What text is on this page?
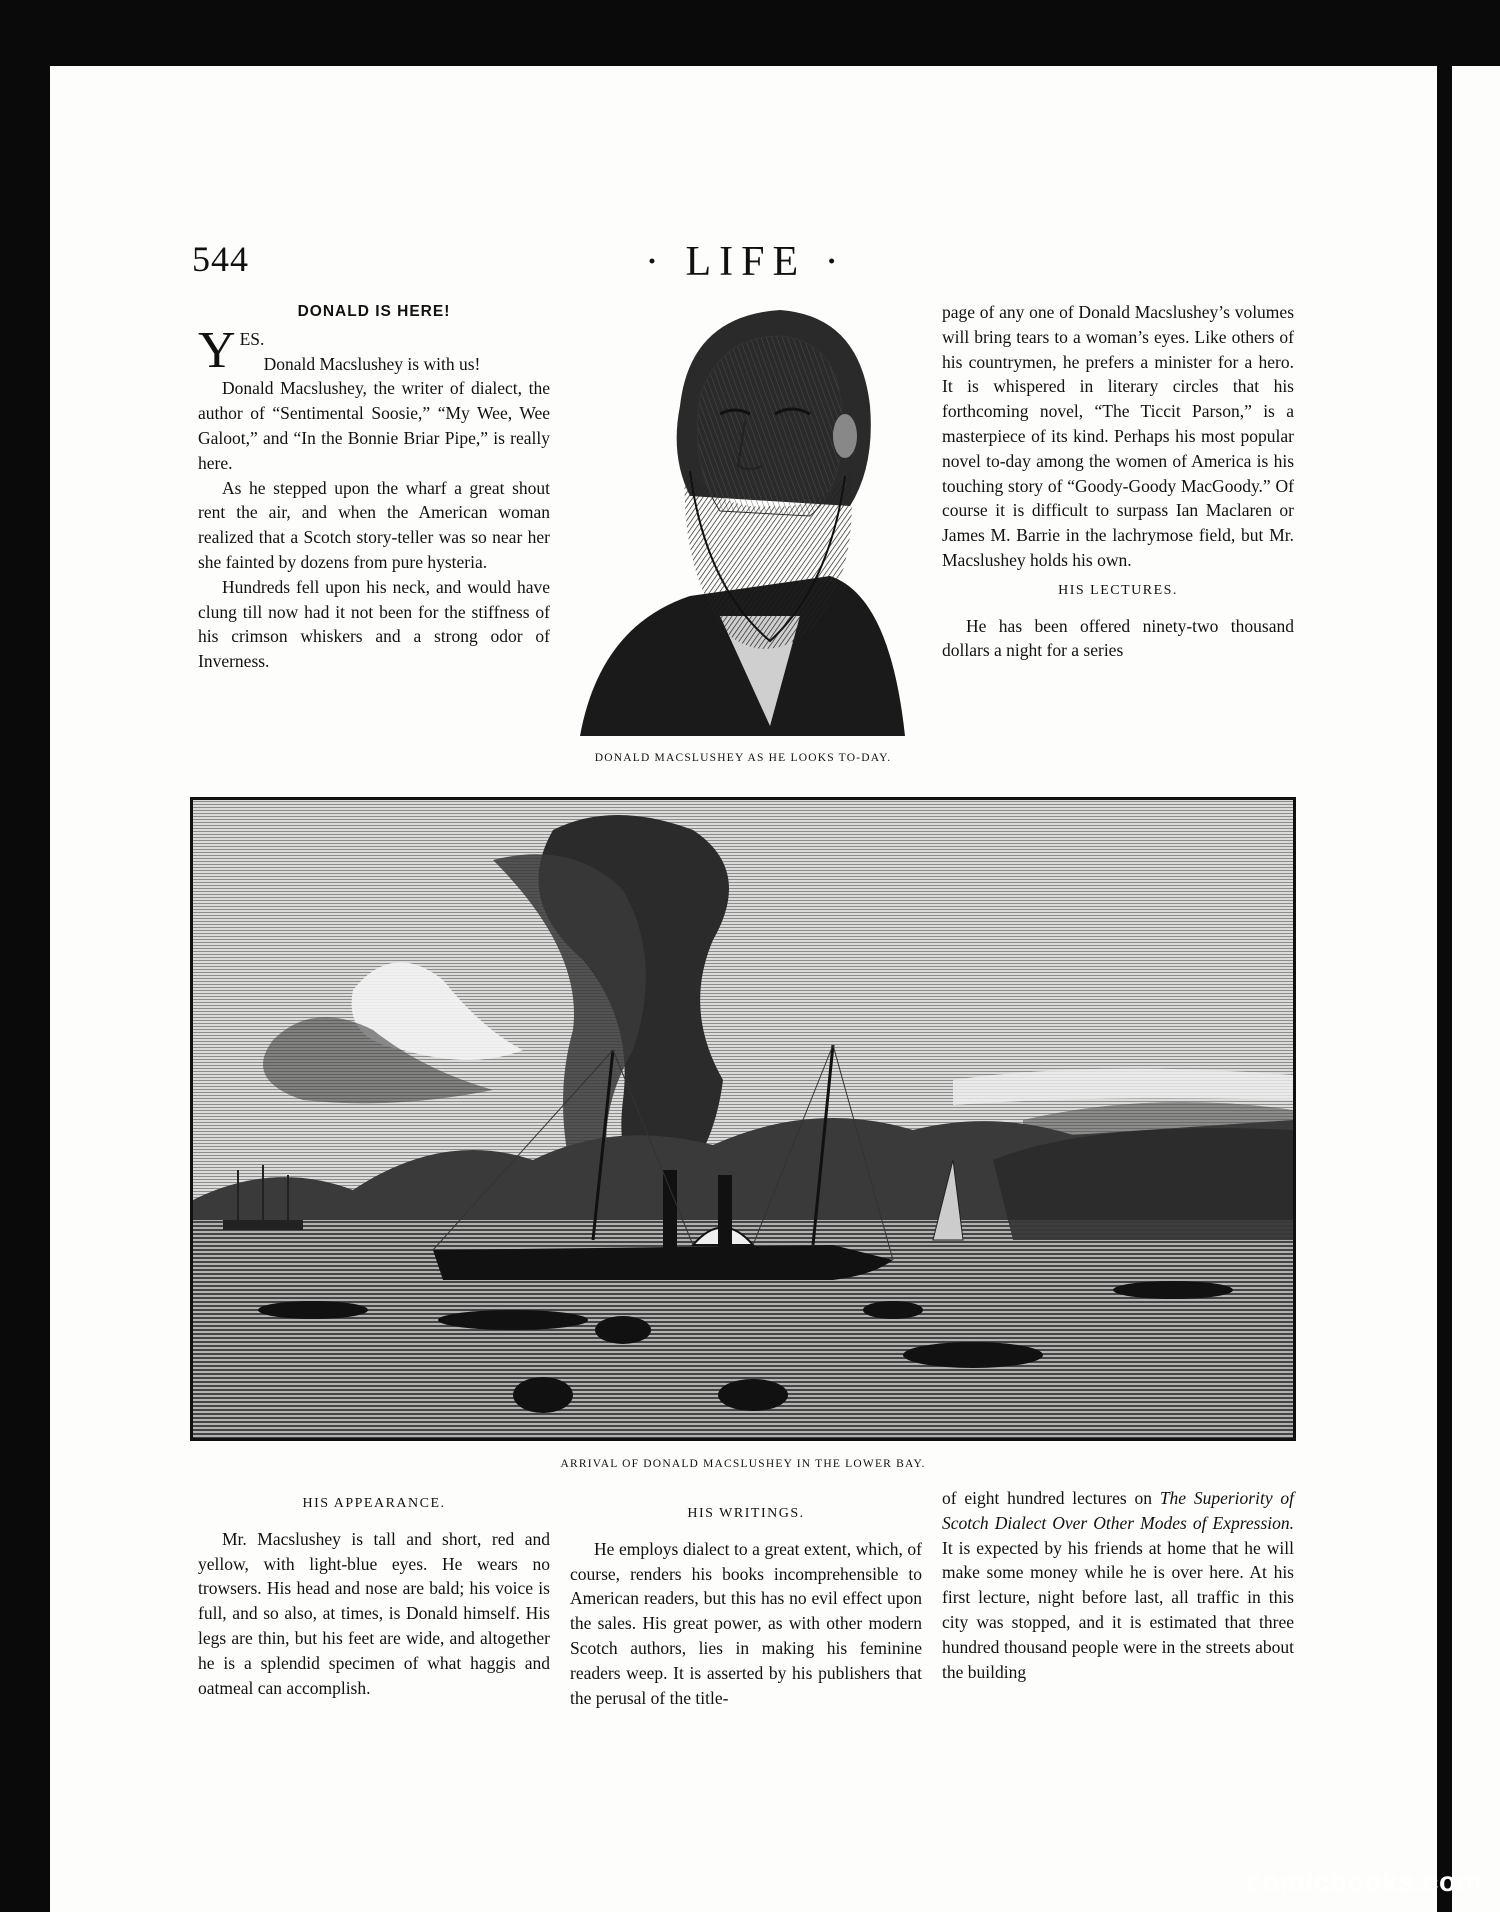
544	· LIFE ·
DONALD IS HERE!

YES.

Donald Macslushey is with us!

Donald Macslushey, the writer of dialect, the author of “Sentimental Soosie,” “My Wee, Wee Galoot,” and “In the Bonnie Briar Pipe,” is really here.

As he stepped upon the wharf a great shout rent the air, and when the American woman realized that a Scotch story-teller was so near her she fainted by dozens from pure hysteria.

Hundreds fell upon his neck, and would have clung till now had it not been for the stiffness of his crimson whiskers and a strong odor of Inverness.

DONALD MACSLUSHEY AS HE LOOKS TO-DAY.

page of any one of Donald Macslushey’s volumes will bring tears to a woman’s eyes. Like others of his countrymen, he prefers a minister for a hero. It is whispered in literary circles that his forthcoming novel, “The Ticcit Parson,” is a masterpiece of its kind. Perhaps his most popular novel to-day among the women of America is his touching story of “Goody-Goody MacGoody.” Of course it is difficult to surpass Ian Maclaren or James M. Barrie in the lachrymose field, but Mr. Macslushey holds his own.

HIS LECTURES.

He has been offered ninety-two thousand dollars a night for a series

ARRIVAL OF DONALD MACSLUSHEY IN THE LOWER BAY.
HIS APPEARANCE.

Mr. Macslushey is tall and short, red and yellow, with light-blue eyes. He wears no trowsers. His head and nose are bald; his voice is full, and so also, at times, is Donald himself. His legs are thin, but his feet are wide, and altogether he is a splendid specimen of what haggis and oatmeal can accomplish.

HIS WRITINGS.

He employs dialect to a great extent, which, of course, renders his books incomprehensible to American readers, but this has no evil effect upon the sales. His great power, as with other modern Scotch authors, lies in making his feminine readers weep. It is asserted by his publishers that the perusal of the title-

of eight hundred lectures on The Superiority of Scotch Dialect Over Other Modes of Expression. It is expected by his friends at home that he will make some money while he is over here. At his first lecture, night before last, all traffic in this city was stopped, and it is estimated that three hundred thousand people were in the streets about the building

comicbooks.com
